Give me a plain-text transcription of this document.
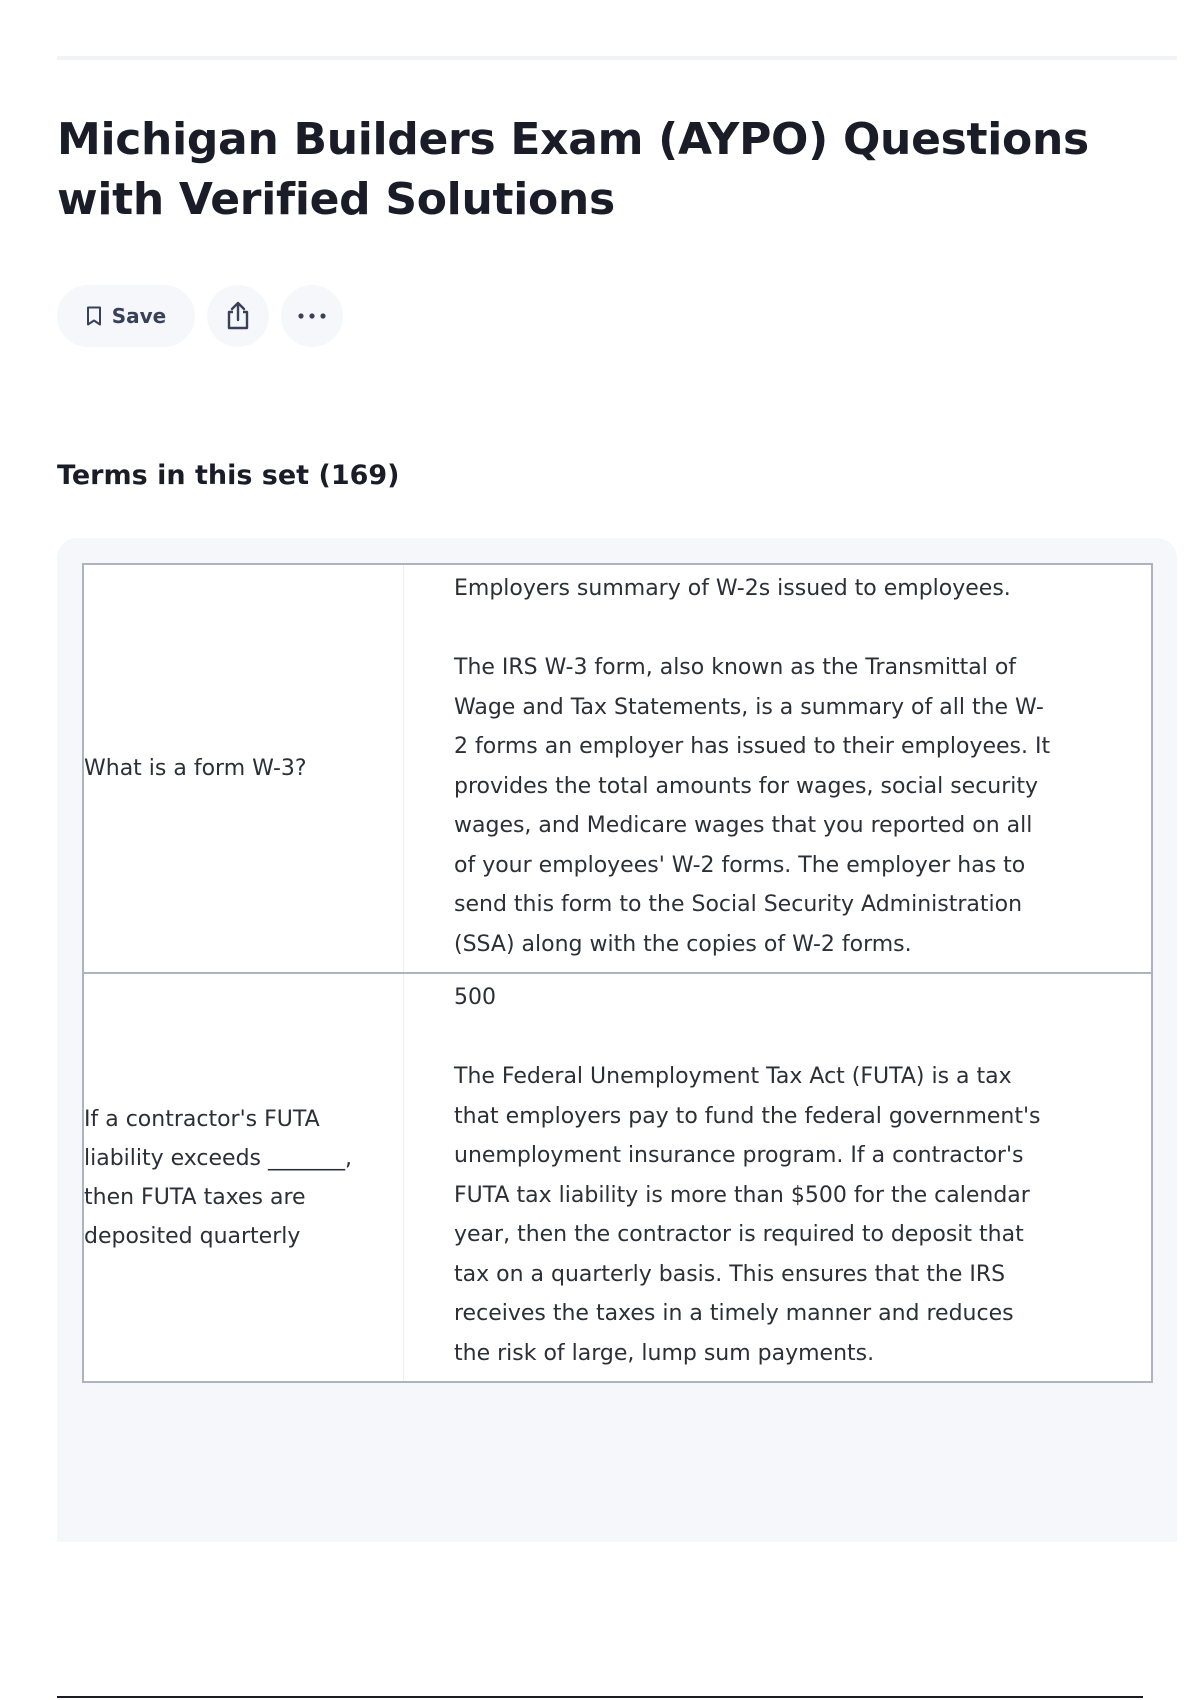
Michigan Builders Exam (AYPO) Questions with Verified Solutions
Save
Terms in this set (169)
What is a form W-3?
Employers summary of W-2s issued to employees.
The IRS W-3 form, also known as the Transmittal of Wage and Tax Statements, is a summary of all the W-2 forms an employer has issued to their employees. It provides the total amounts for wages, social security wages, and Medicare wages that you reported on all of your employees' W-2 forms. The employer has to send this form to the Social Security Administration (SSA) along with the copies of W-2 forms.
If a contractor's FUTA liability exceeds _______, then FUTA taxes are deposited quarterly
500
The Federal Unemployment Tax Act (FUTA) is a tax that employers pay to fund the federal government's unemployment insurance program. If a contractor's FUTA tax liability is more than $500 for the calendar year, then the contractor is required to deposit that tax on a quarterly basis. This ensures that the IRS receives the taxes in a timely manner and reduces the risk of large, lump sum payments.
